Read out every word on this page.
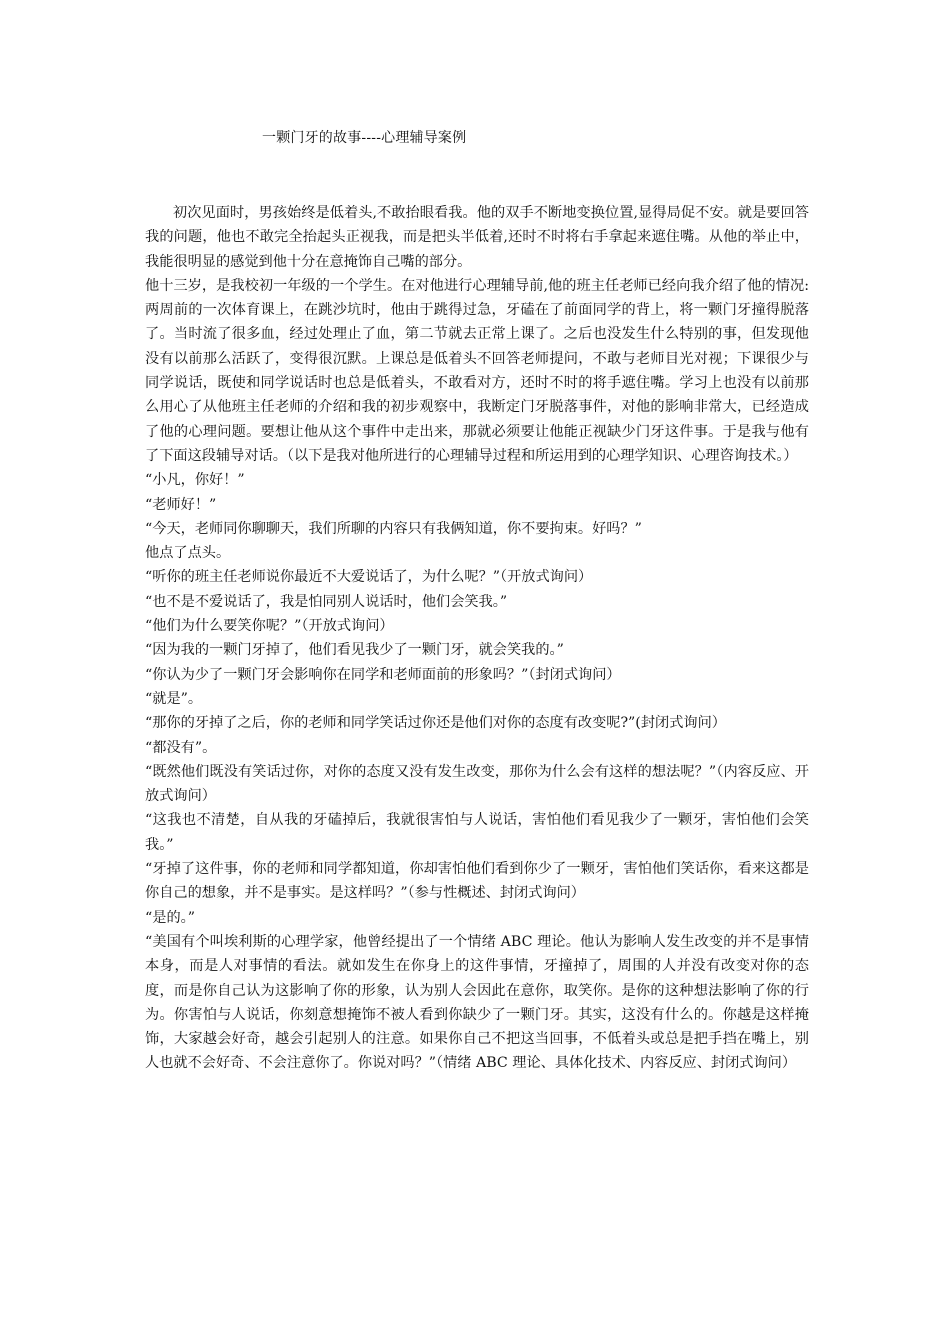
一颗门牙的故事----心理辅导案例

初次见面时，男孩始终是低着头,不敢抬眼看我。他的双手不断地变换位置,显得局促不安。就是要回答我的问题，他也不敢完全抬起头正视我，而是把头半低着,还时不时将右手拿起来遮住嘴。从他的举止中，我能很明显的感觉到他十分在意掩饰自己嘴的部分。

他十三岁，是我校初一年级的一个学生。在对他进行心理辅导前,他的班主任老师已经向我介绍了他的情况:两周前的一次体育课上，在跳沙坑时，他由于跳得过急，牙磕在了前面同学的背上，将一颗门牙撞得脱落了。当时流了很多血，经过处理止了血，第二节就去正常上课了。之后也没发生什么特别的事，但发现他没有以前那么活跃了，变得很沉默。上课总是低着头不回答老师提问，不敢与老师目光对视；下课很少与同学说话，既使和同学说话时也总是低着头，不敢看对方，还时不时的将手遮住嘴。学习上也没有以前那么用心了从他班主任老师的介绍和我的初步观察中，我断定门牙脱落事件，对他的影响非常大，已经造成了他的心理问题。要想让他从这个事件中走出来，那就必须要让他能正视缺少门牙这件事。于是我与他有了下面这段辅导对话。（以下是我对他所进行的心理辅导过程和所运用到的心理学知识、心理咨询技术。）

“小凡，你好！”

“老师好！”

“今天，老师同你聊聊天，我们所聊的内容只有我俩知道，你不要拘束。好吗？”

他点了点头。

“听你的班主任老师说你最近不大爱说话了，为什么呢？”（开放式询问）

“也不是不爱说话了，我是怕同别人说话时，他们会笑我。”

“他们为什么要笑你呢？”（开放式询问）

“因为我的一颗门牙掉了，他们看见我少了一颗门牙，就会笑我的。”

“你认为少了一颗门牙会影响你在同学和老师面前的形象吗？”（封闭式询问）

“就是”。

“那你的牙掉了之后，你的老师和同学笑话过你还是他们对你的态度有改变呢?”(封闭式询问）

“都没有”。

“既然他们既没有笑话过你，对你的态度又没有发生改变，那你为什么会有这样的想法呢？”（内容反应、开放式询问）

“这我也不清楚，自从我的牙磕掉后，我就很害怕与人说话，害怕他们看见我少了一颗牙，害怕他们会笑我。”

“牙掉了这件事，你的老师和同学都知道，你却害怕他们看到你少了一颗牙，害怕他们笑话你，看来这都是你自己的想象，并不是事实。是这样吗？”（参与性概述、封闭式询问）

“是的。”

“美国有个叫埃利斯的心理学家，他曾经提出了一个情绪 ABC 理论。他认为影响人发生改变的并不是事情本身，而是人对事情的看法。就如发生在你身上的这件事情，牙撞掉了，周围的人并没有改变对你的态度，而是你自己认为这影响了你的形象，认为别人会因此在意你，取笑你。是你的这种想法影响了你的行为。你害怕与人说话，你刻意想掩饰不被人看到你缺少了一颗门牙。其实，这没有什么的。你越是这样掩饰，大家越会好奇，越会引起别人的注意。如果你自己不把这当回事，不低着头或总是把手挡在嘴上，别人也就不会好奇、不会注意你了。你说对吗？”（情绪 ABC 理论、具体化技术、内容反应、封闭式询问）
